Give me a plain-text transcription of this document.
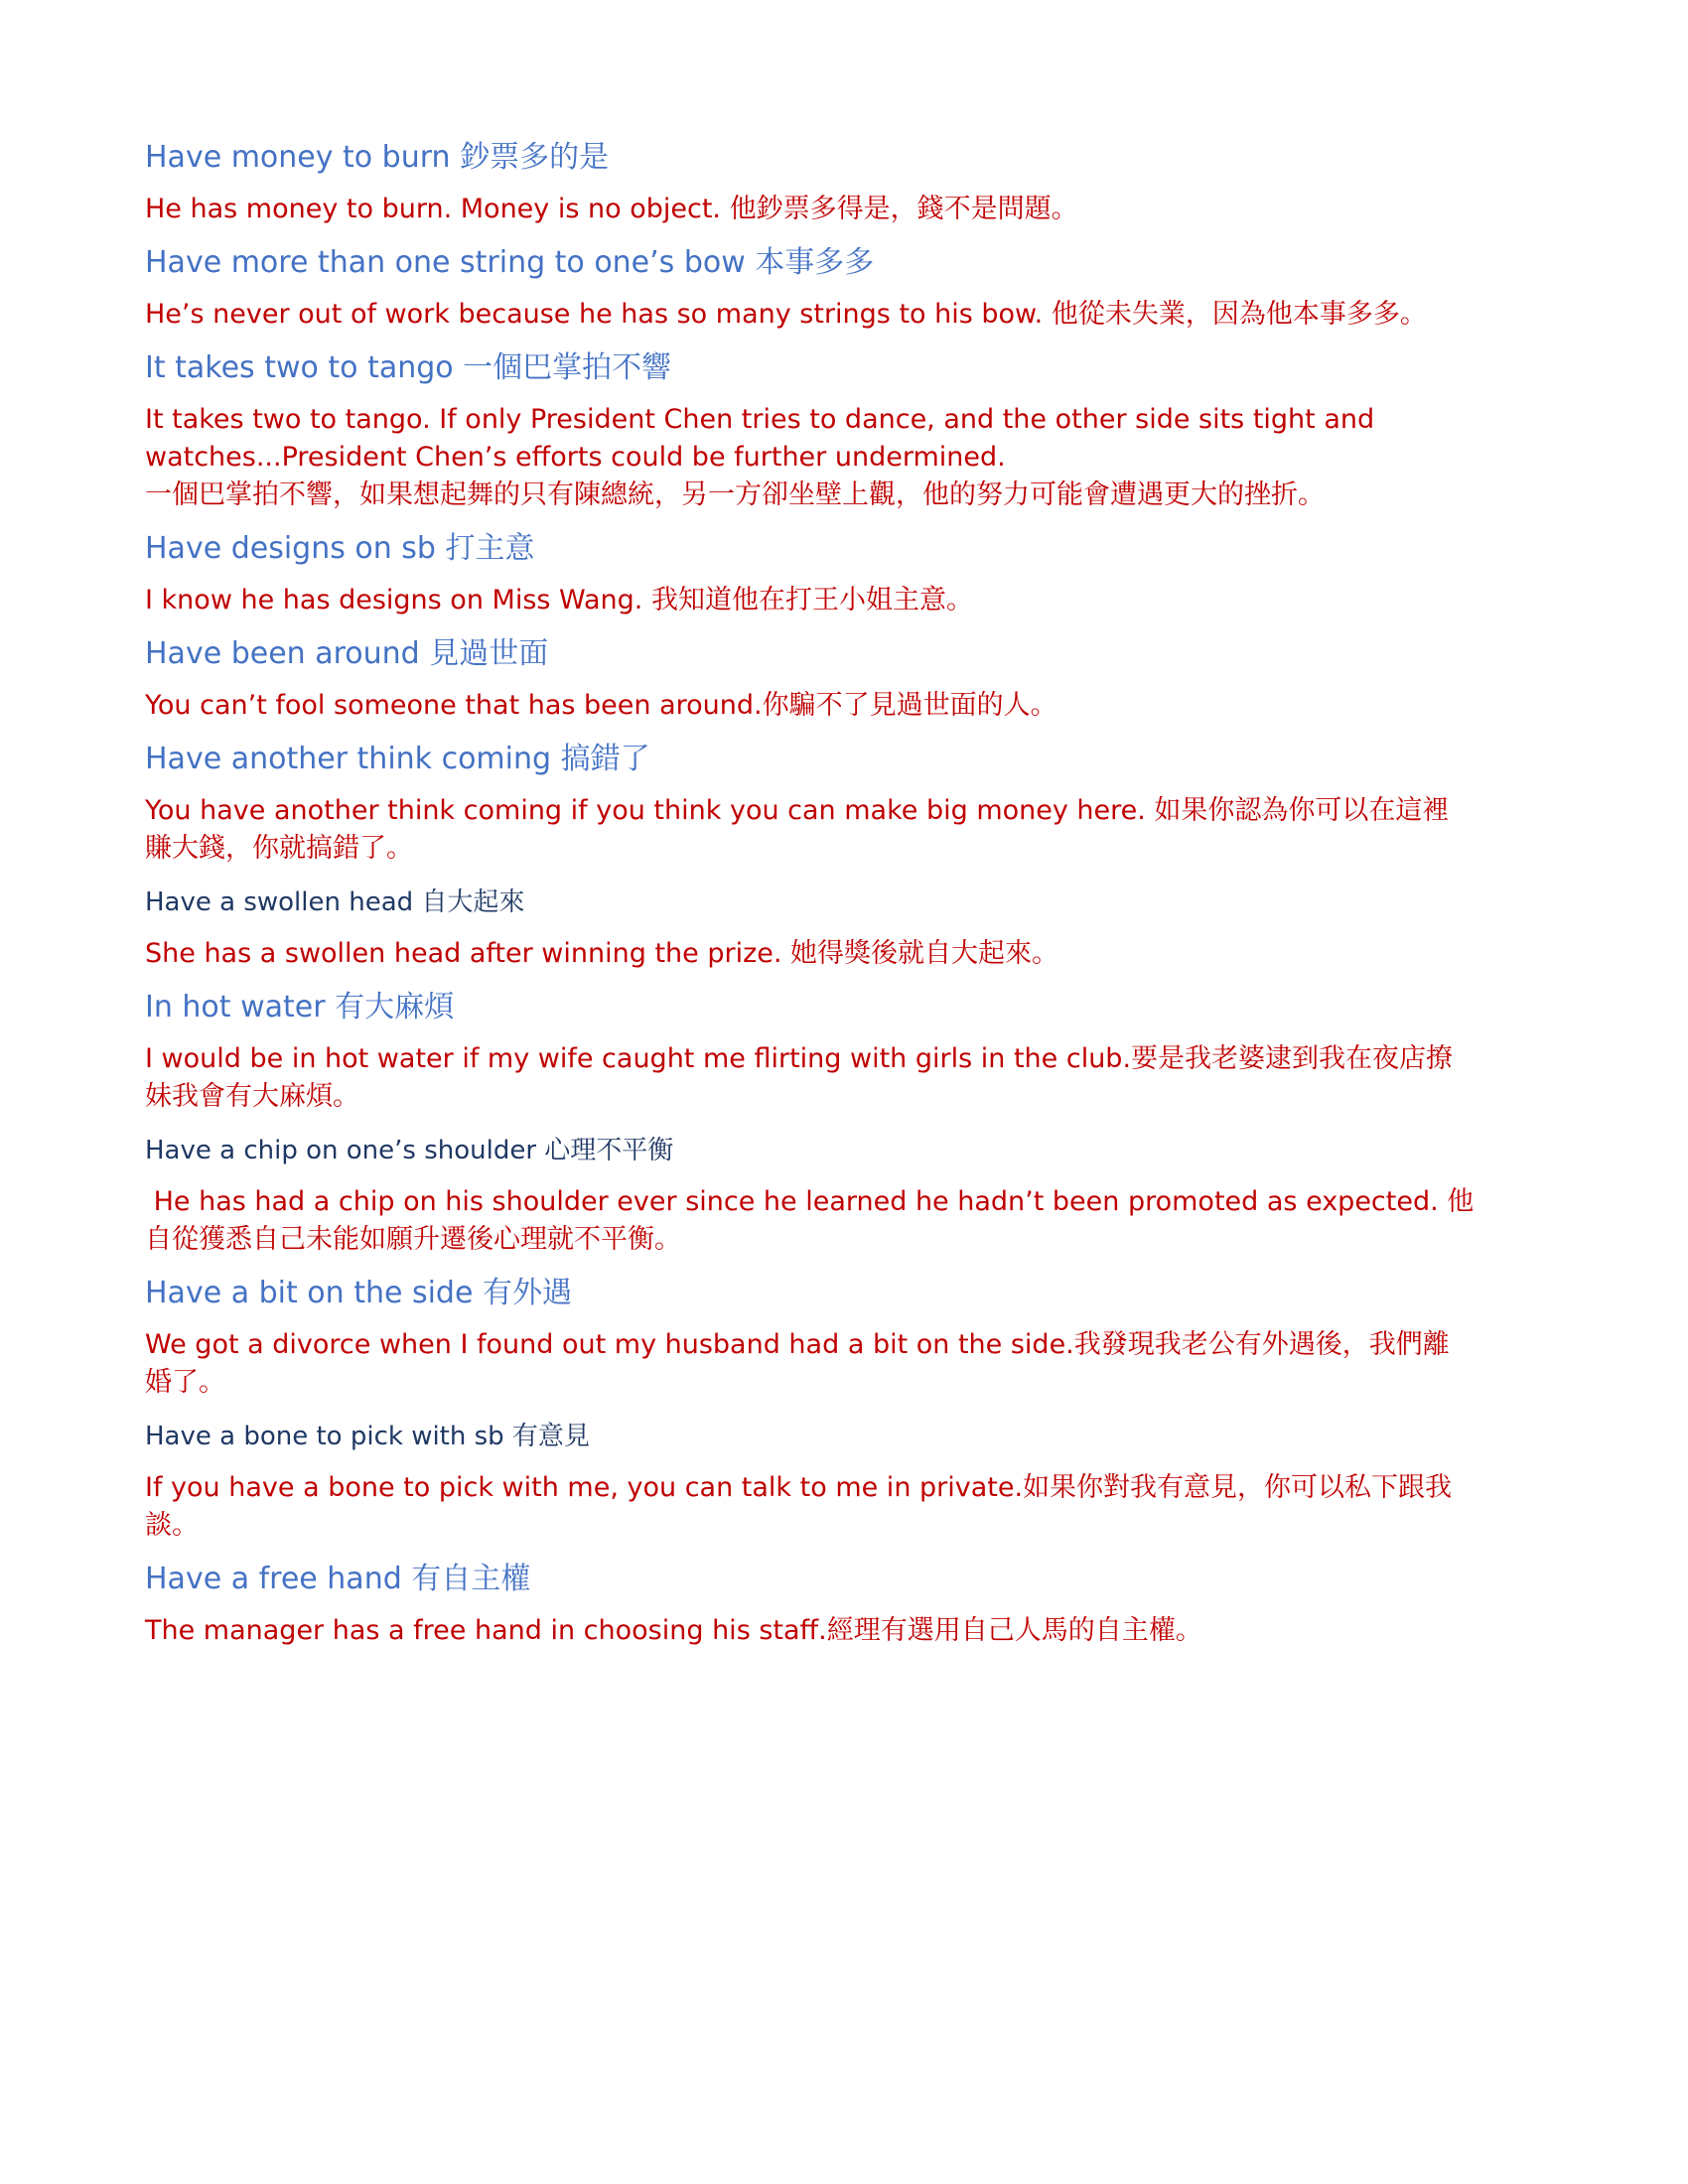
Have money to burn 鈔票多的是

He has money to burn. Money is no object. 他鈔票多得是，錢不是問題。

Have more than one string to one’s bow 本事多多

He’s never out of work because he has so many strings to his bow. 他從未失業，因為他本事多多。

It takes two to tango 一個巴掌拍不響

It takes two to tango. If only President Chen tries to dance, and the other side sits tight and watches...President Chen’s efforts could be further undermined.
一個巴掌拍不響，如果想起舞的只有陳總統，另一方卻坐壁上觀，他的努力可能會遭遇更大的挫折。

Have designs on sb 打主意

I know he has designs on Miss Wang. 我知道他在打王小姐主意。

Have been around 見過世面

You can’t fool someone that has been around.你騙不了見過世面的人。

Have another think coming 搞錯了

You have another think coming if you think you can make big money here. 如果你認為你可以在這裡賺大錢，你就搞錯了。

Have a swollen head 自大起來

She has a swollen head after winning the prize. 她得獎後就自大起來。

In hot water 有大麻煩

I would be in hot water if my wife caught me flirting with girls in the club.要是我老婆逮到我在夜店撩妹我會有大麻煩。

Have a chip on one’s shoulder 心理不平衡

He has had a chip on his shoulder ever since he learned he hadn’t been promoted as expected. 他自從獲悉自己未能如願升遷後心理就不平衡。

Have a bit on the side 有外遇

We got a divorce when I found out my husband had a bit on the side.我發現我老公有外遇後，我們離婚了。

Have a bone to pick with sb 有意見

If you have a bone to pick with me, you can talk to me in private.如果你對我有意見，你可以私下跟我談。

Have a free hand 有自主權

The manager has a free hand in choosing his staff.經理有選用自己人馬的自主權。
